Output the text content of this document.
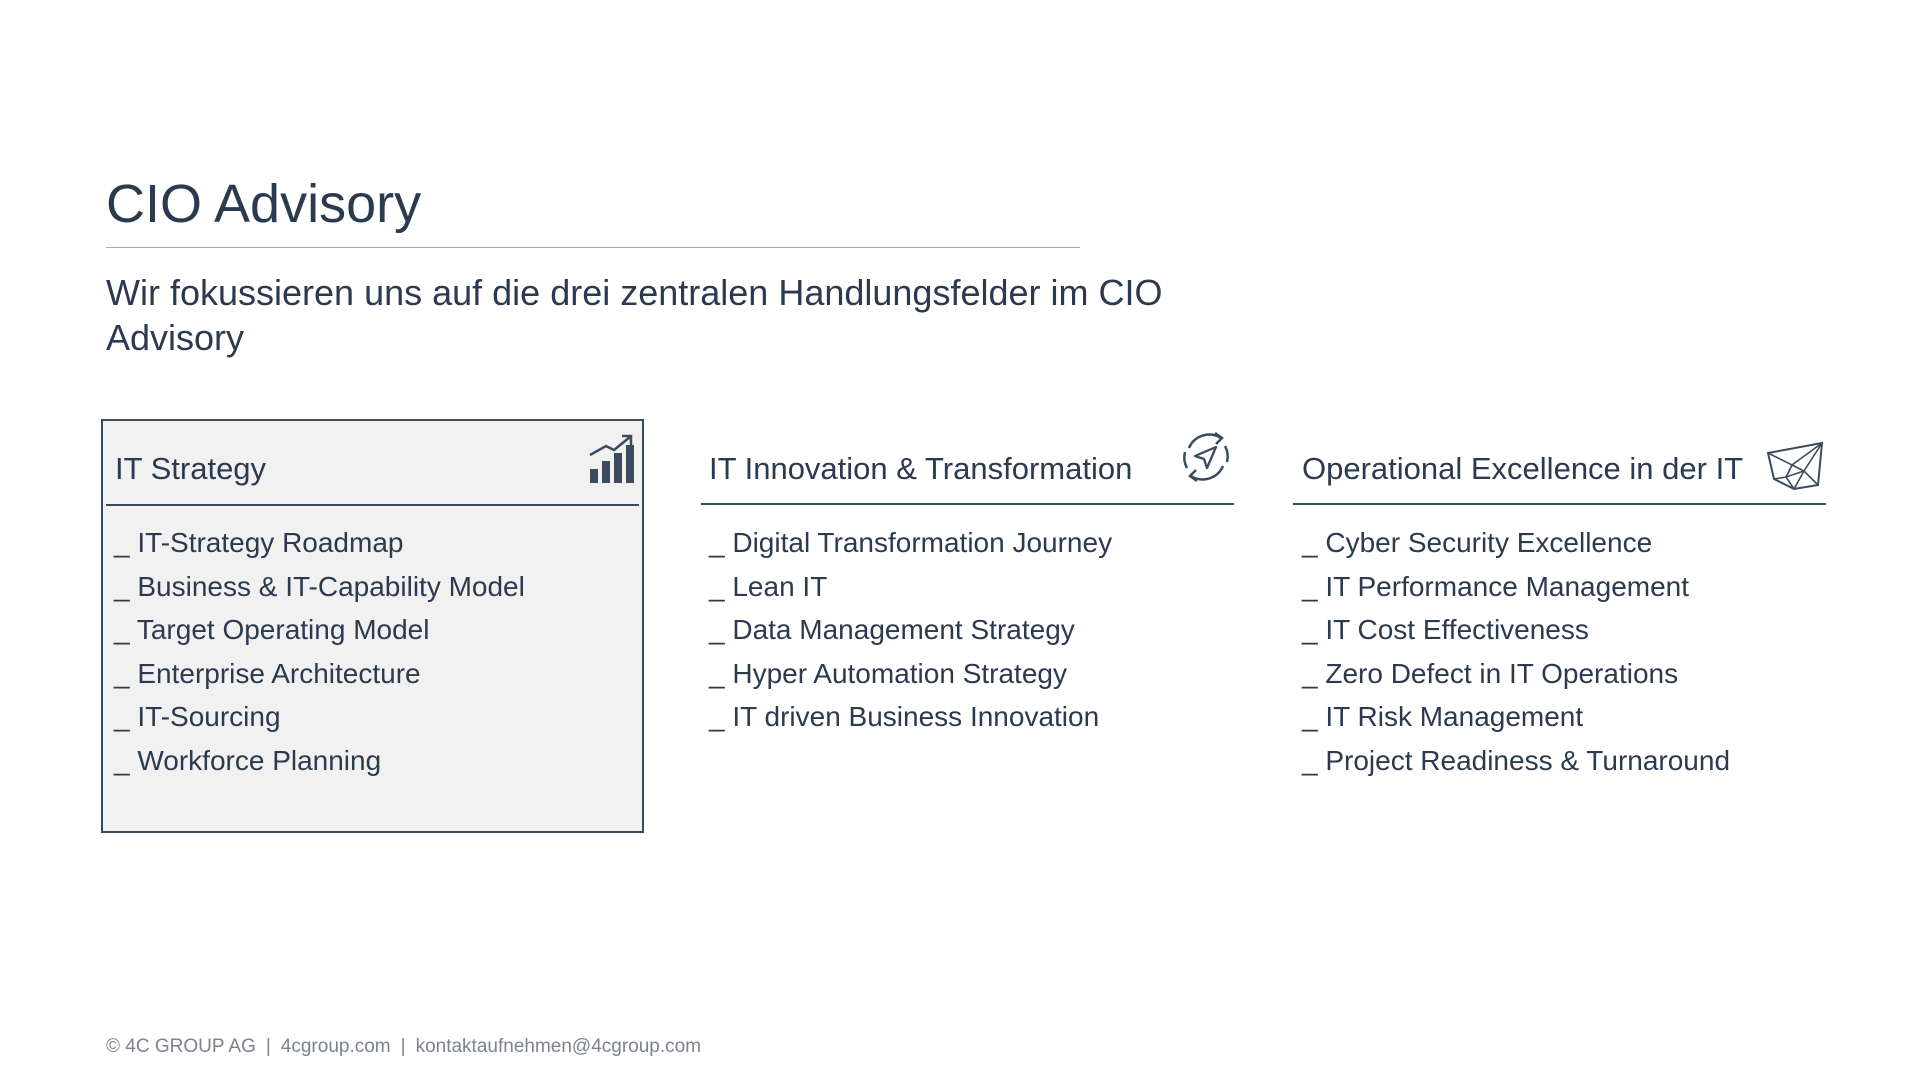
CIO Advisory

Wir fokussieren uns auf die drei zentralen Handlungsfelder im CIO Advisory

IT Strategy
_ IT-Strategy Roadmap
_ Business & IT-Capability Model
_ Target Operating Model
_ Enterprise Architecture
_ IT-Sourcing
_ Workforce Planning
IT Innovation & Transformation
_ Digital Transformation Journey
_ Lean IT
_ Data Management Strategy
_ Hyper Automation Strategy
_ IT driven Business Innovation
Operational Excellence in der IT
_ Cyber Security Excellence
_ IT Performance Management
_ IT Cost Effectiveness
_ Zero Defect in IT Operations
_ IT Risk Management
_ Project Readiness & Turnaround
© 4C GROUP AG | 4cgroup.com | kontaktaufnehmen@4cgroup.com
